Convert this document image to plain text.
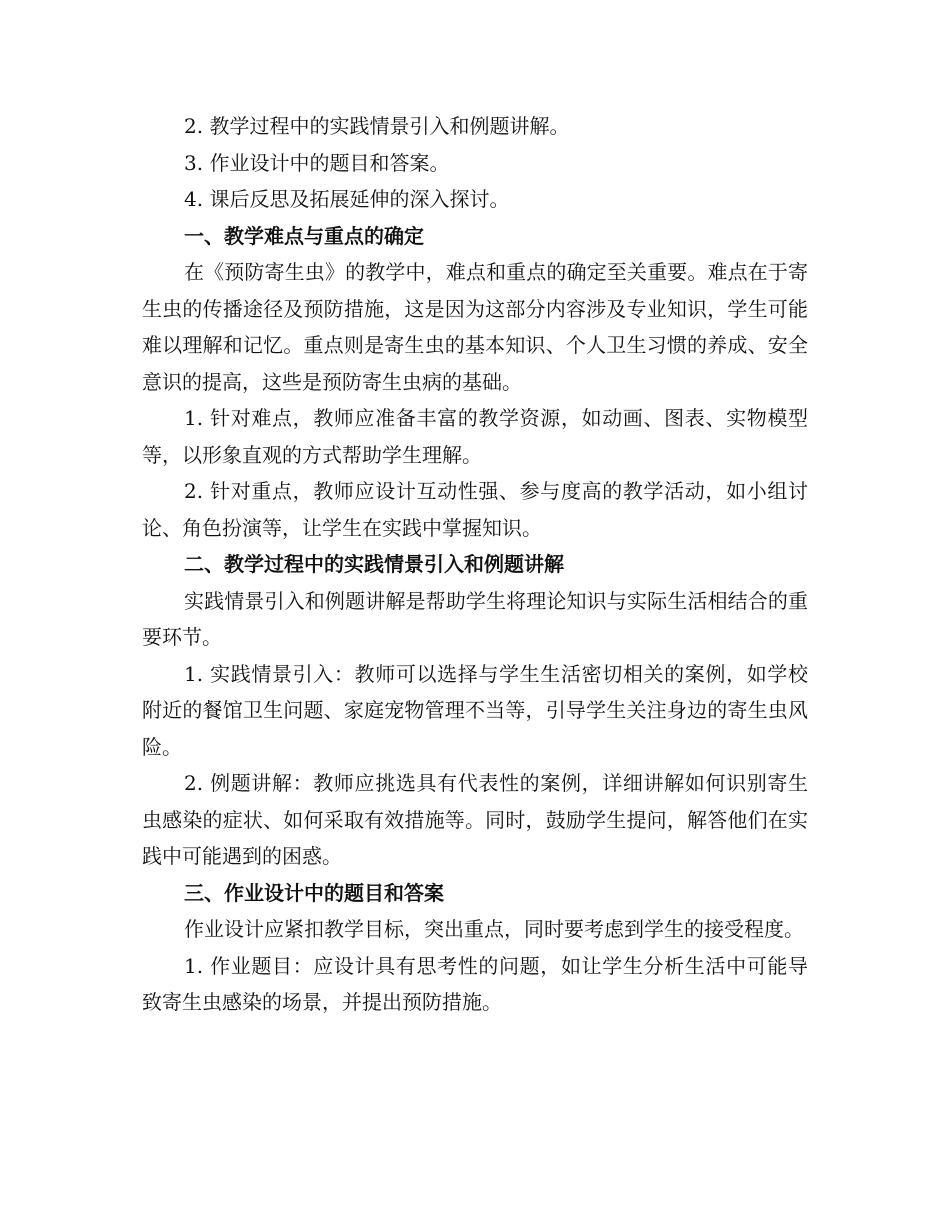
2. 教学过程中的实践情景引入和例题讲解。

3. 作业设计中的题目和答案。

4. 课后反思及拓展延伸的深入探讨。

一、教学难点与重点的确定

在《预防寄生虫》的教学中，难点和重点的确定至关重要。难点在于寄生虫的传播途径及预防措施，这是因为这部分内容涉及专业知识，学生可能难以理解和记忆。重点则是寄生虫的基本知识、个人卫生习惯的养成、安全意识的提高，这些是预防寄生虫病的基础。

1. 针对难点，教师应准备丰富的教学资源，如动画、图表、实物模型等，以形象直观的方式帮助学生理解。

2. 针对重点，教师应设计互动性强、参与度高的教学活动，如小组讨论、角色扮演等，让学生在实践中掌握知识。

二、教学过程中的实践情景引入和例题讲解

实践情景引入和例题讲解是帮助学生将理论知识与实际生活相结合的重要环节。

1. 实践情景引入：教师可以选择与学生生活密切相关的案例，如学校附近的餐馆卫生问题、家庭宠物管理不当等，引导学生关注身边的寄生虫风险。

2. 例题讲解：教师应挑选具有代表性的案例，详细讲解如何识别寄生虫感染的症状、如何采取有效措施等。同时，鼓励学生提问，解答他们在实践中可能遇到的困惑。

三、作业设计中的题目和答案

作业设计应紧扣教学目标，突出重点，同时要考虑到学生的接受程度。

1. 作业题目：应设计具有思考性的问题，如让学生分析生活中可能导致寄生虫感染的场景，并提出预防措施。
